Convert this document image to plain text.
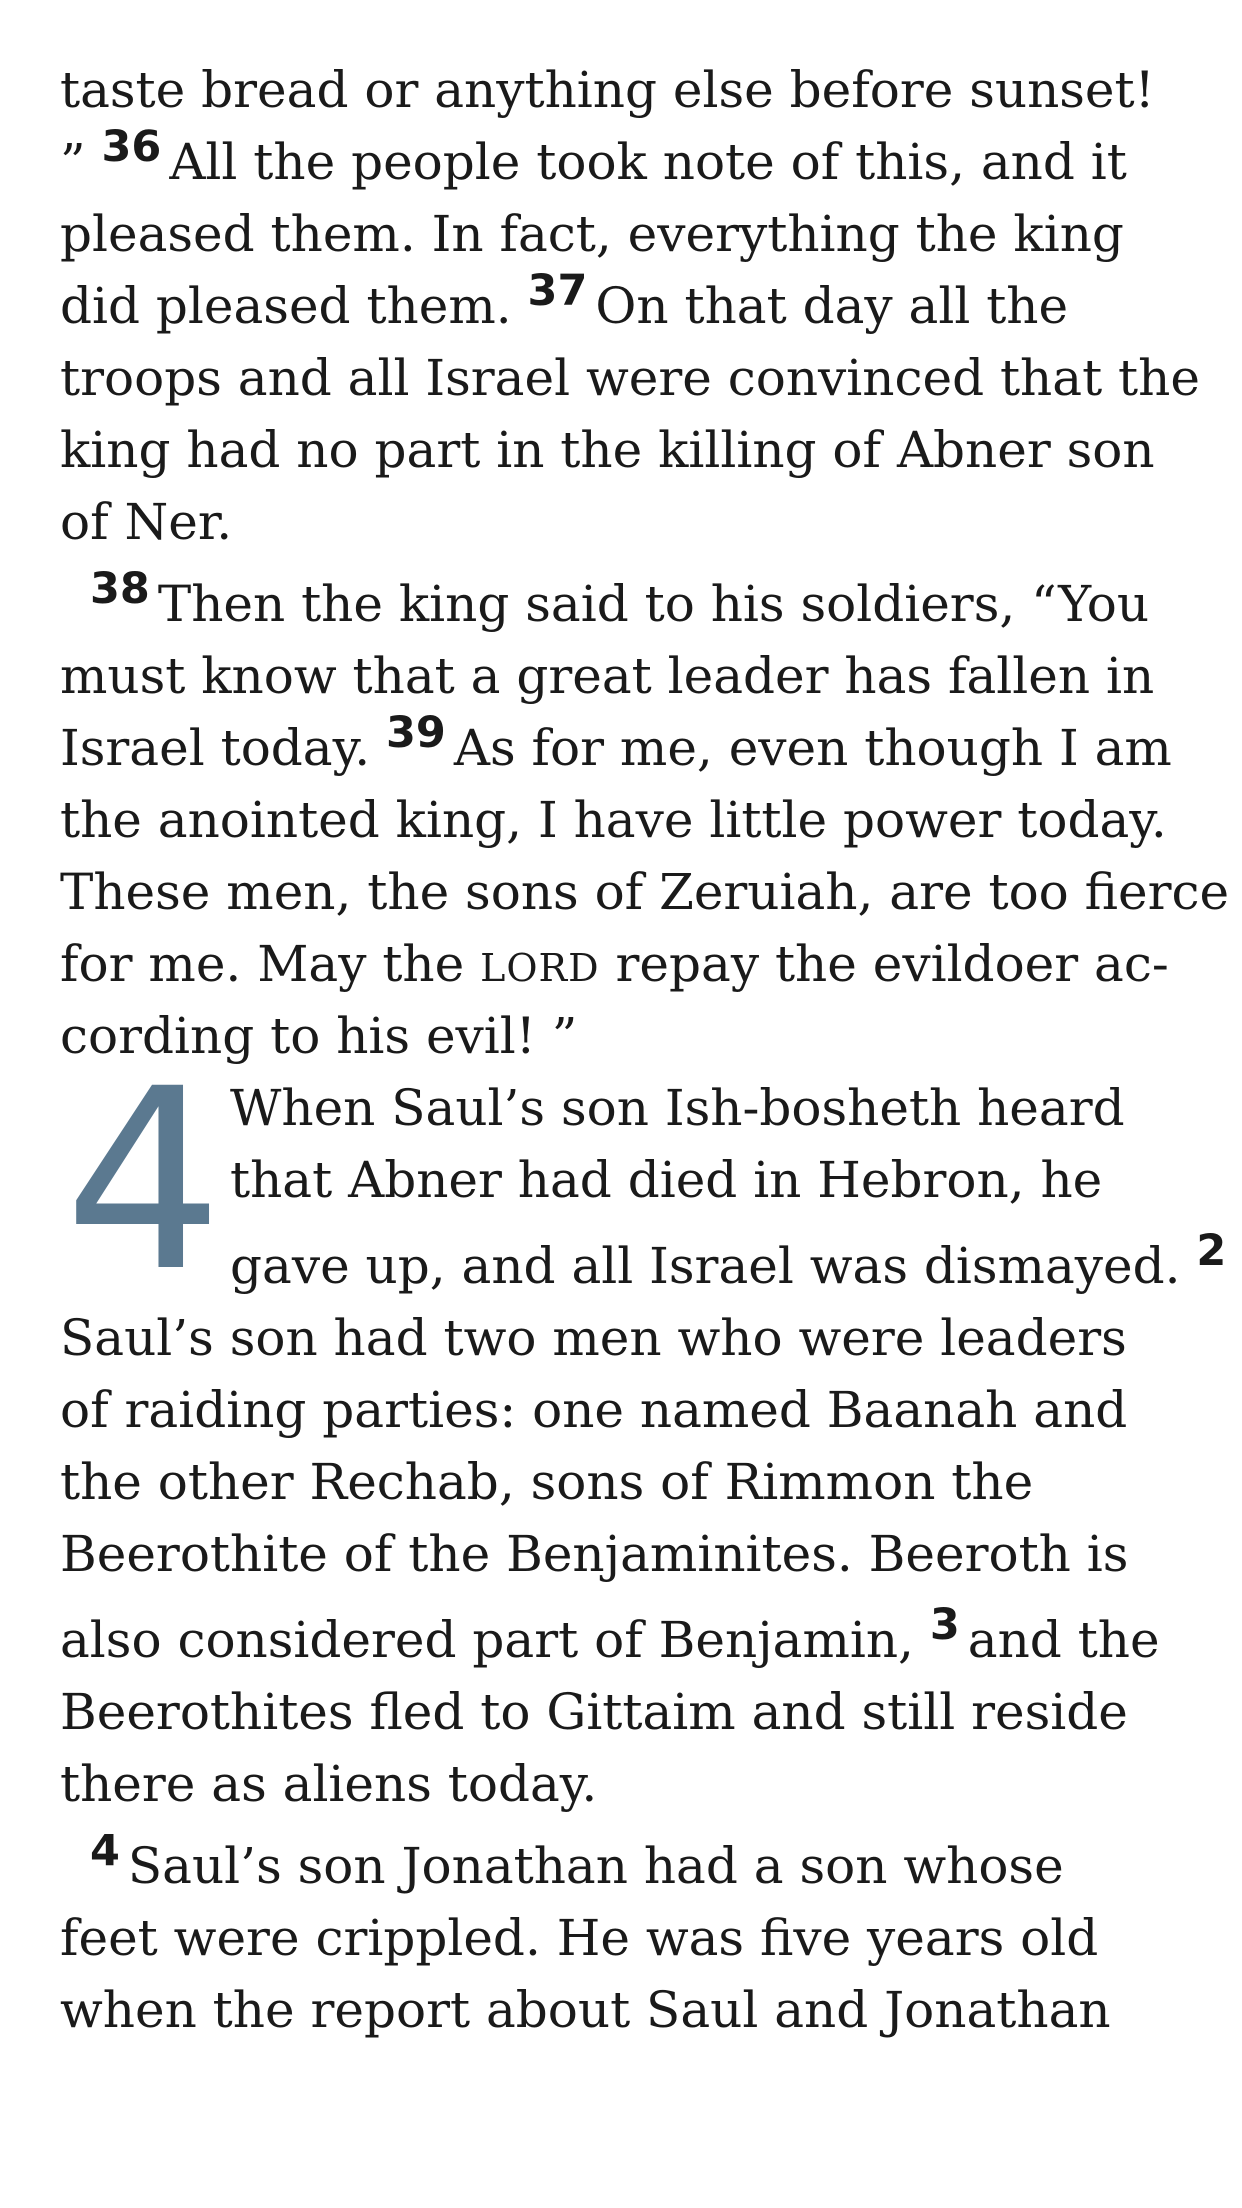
taste bread or anything else before sunset!
” 36 All the people took note of this, and it
pleased them. In fact, everything the king
did pleased them. 37 On that day all the
troops and all Israel were convinced that the
king had no part in the killing of Abner son
of Ner.

38 Then the king said to his soldiers, “You
must know that a great leader has fallen in
Israel today. 39 As for me, even though I am
the anointed king, I have little power today.
These men, the sons of Zeruiah, are too fierce
for me. May the LORD repay the evildoer ac-
cording to his evil! ”

4 When Saul’s son Ish-bosheth heard
that Abner had died in Hebron, he
gave up, and all Israel was dismayed. 2
Saul’s son had two men who were leaders
of raiding parties: one named Baanah and
the other Rechab, sons of Rimmon the
Beerothite of the Benjaminites. Beeroth is
also considered part of Benjamin, 3 and the
Beerothites fled to Gittaim and still reside
there as aliens today.

4 Saul’s son Jonathan had a son whose
feet were crippled. He was five years old
when the report about Saul and Jonathan
